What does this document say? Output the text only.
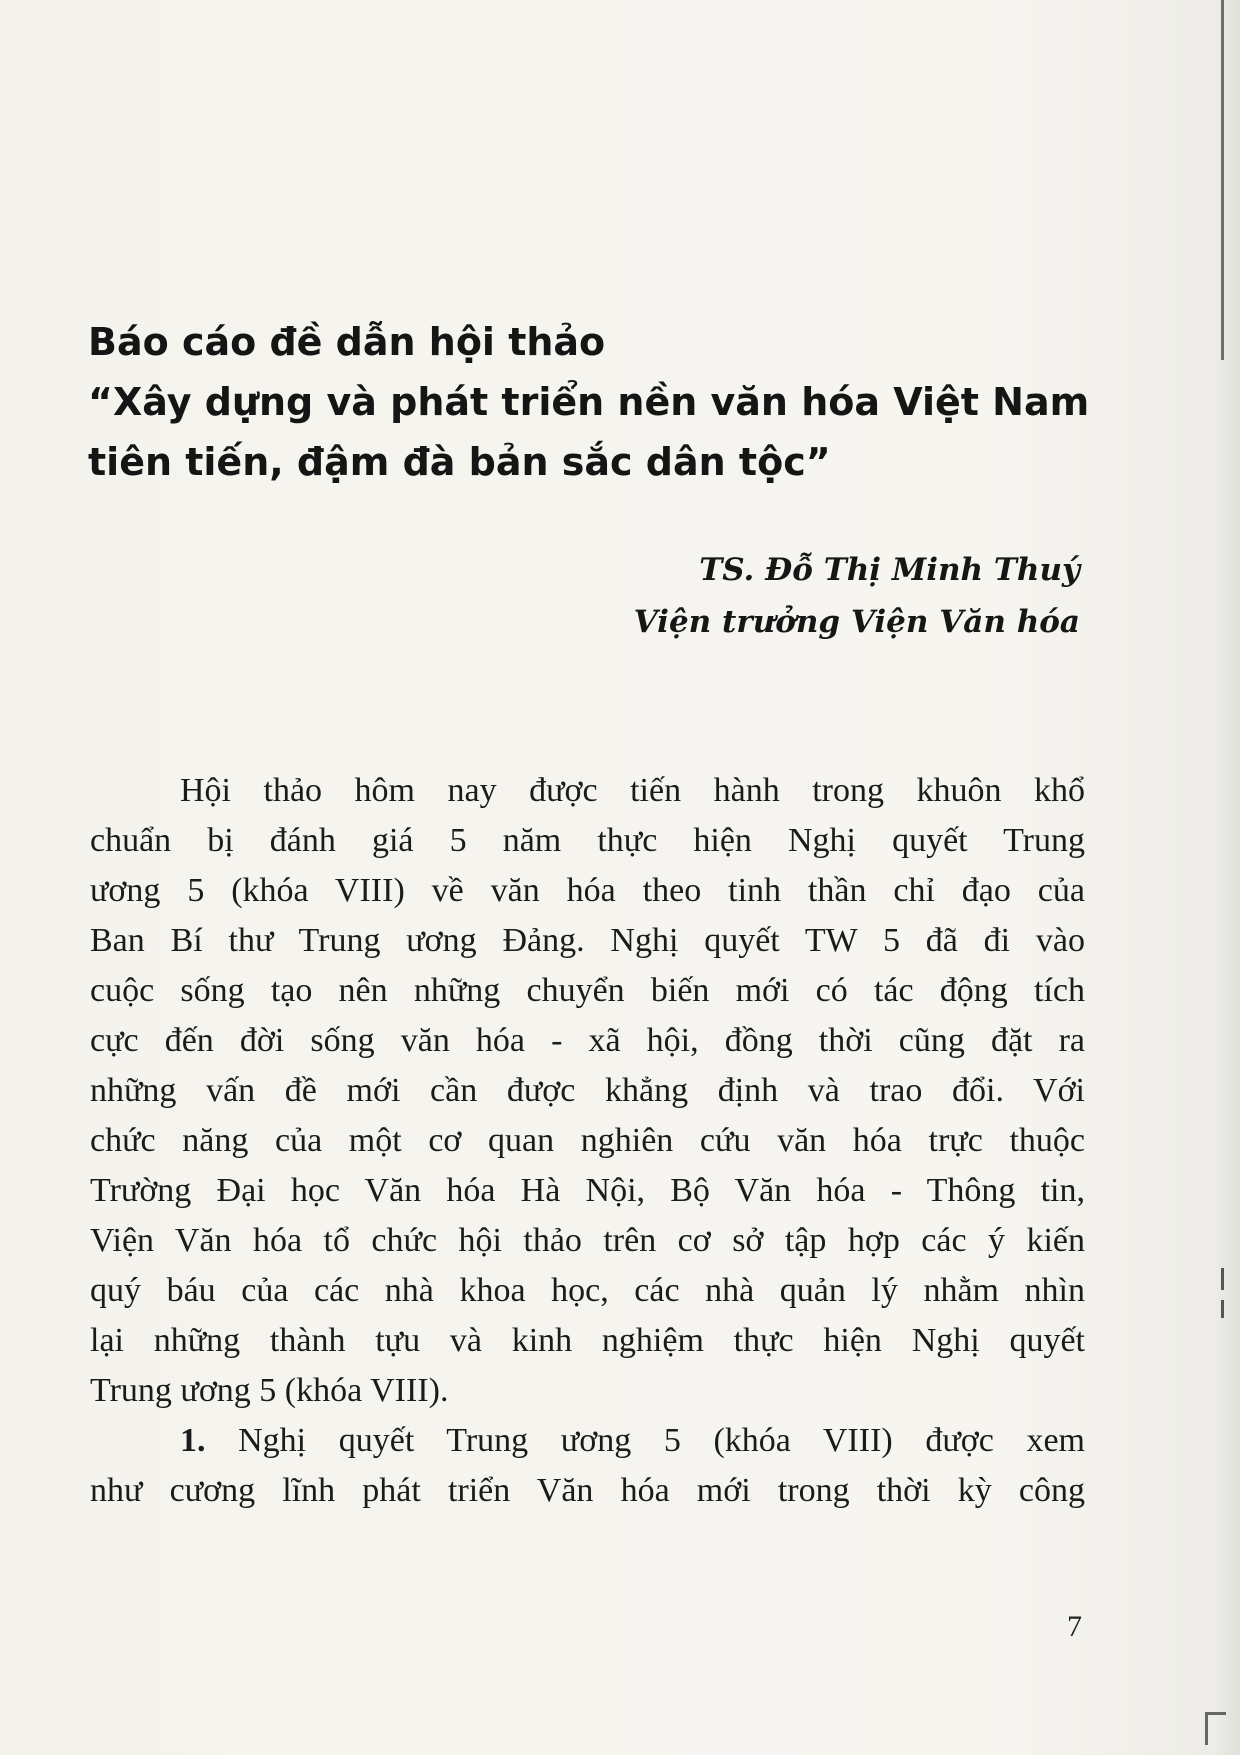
Báo cáo đề dẫn hội thảo
“Xây dựng và phát triển nền văn hóa Việt Nam
tiên tiến, đậm đà bản sắc dân tộc”
TS. Đỗ Thị Minh Thuý
Viện trưởng Viện Văn hóa
Hội thảo hôm nay được tiến hành trong khuôn khổ
chuẩn bị đánh giá 5 năm thực hiện Nghị quyết Trung
ương 5 (khóa VIII) về văn hóa theo tinh thần chỉ đạo của
Ban Bí thư Trung ương Đảng. Nghị quyết TW 5 đã đi vào
cuộc sống tạo nên những chuyển biến mới có tác động tích
cực đến đời sống văn hóa - xã hội, đồng thời cũng đặt ra
những vấn đề mới cần được khẳng định và trao đổi. Với
chức năng của một cơ quan nghiên cứu văn hóa trực thuộc
Trường Đại học Văn hóa Hà Nội, Bộ Văn hóa - Thông tin,
Viện Văn hóa tổ chức hội thảo trên cơ sở tập hợp các ý kiến
quý báu của các nhà khoa học, các nhà quản lý nhằm nhìn
lại những thành tựu và kinh nghiệm thực hiện Nghị quyết
Trung ương 5 (khóa VIII).
1. Nghị quyết Trung ương 5 (khóa VIII) được xem
như cương lĩnh phát triển Văn hóa mới trong thời kỳ công
7
